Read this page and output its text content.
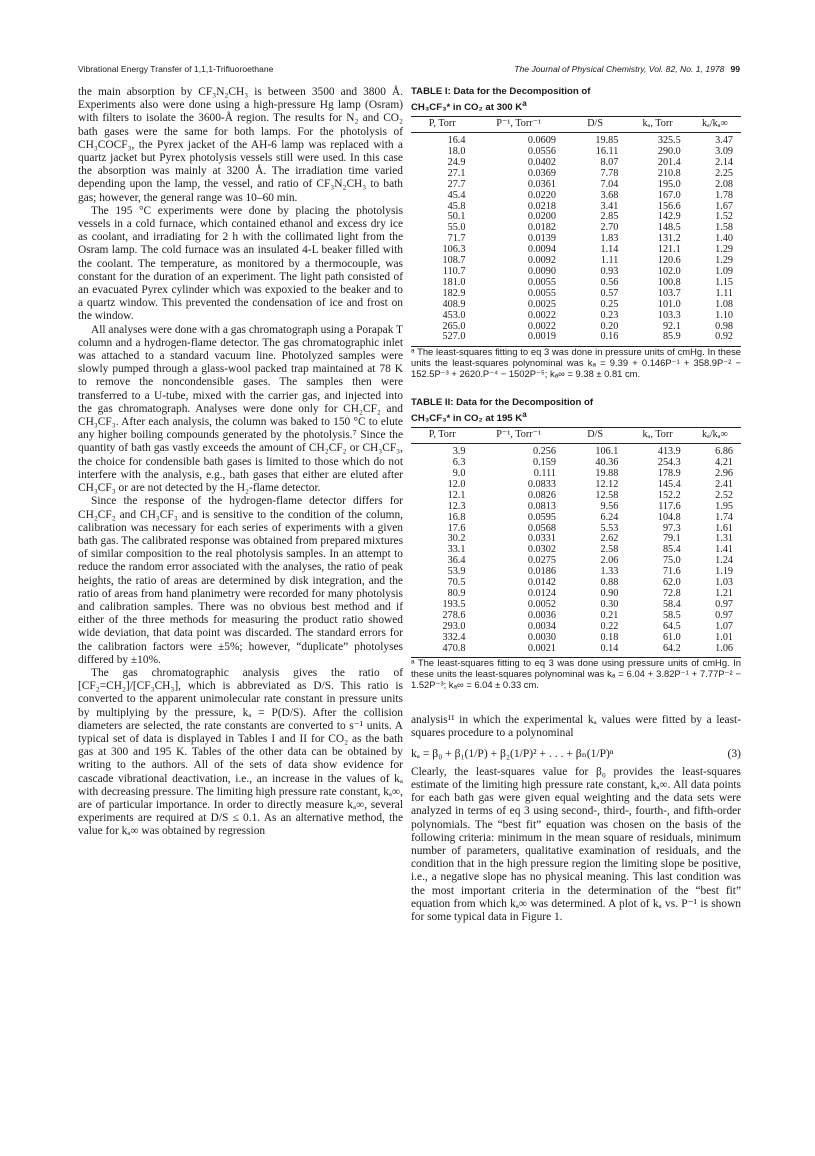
Vibrational Energy Transfer of 1,1,1-Trifluoroethane	The Journal of Physical Chemistry, Vol. 82, No. 1, 1978 99

the main absorption by CF₃N₂CH₃ is between 3500 and 3800 Å. Experiments also were done using a high-pressure Hg lamp (Osram) with filters to isolate the 3600-Å region. The results for N₂ and CO₂ bath gases were the same for both lamps. For the photolysis of CH₃COCF₃, the Pyrex jacket of the AH-6 lamp was replaced with a quartz jacket but Pyrex photolysis vessels still were used. In this case the absorption was mainly at 3200 Å. The irradiation time varied depending upon the lamp, the vessel, and ratio of CF₃N₂CH₃ to bath gas; however, the general range was 10–60 min.

The 195 °C experiments were done by placing the photolysis vessels in a cold furnace, which contained ethanol and excess dry ice as coolant, and irradiating for 2 h with the collimated light from the Osram lamp. The cold furnace was an insulated 4-L beaker filled with the coolant. The temperature, as monitored by a thermocouple, was constant for the duration of an experiment. The light path consisted of an evacuated Pyrex cylinder which was expoxied to the beaker and to a quartz window. This prevented the condensation of ice and frost on the window.

All analyses were done with a gas chromatograph using a Porapak T column and a hydrogen-flame detector. The gas chromatographic inlet was attached to a standard vacuum line. Photolyzed samples were slowly pumped through a glass-wool packed trap maintained at 78 K to remove the noncondensible gases. The samples then were transferred to a U-tube, mixed with the carrier gas, and injected into the gas chromatograph. Analyses were done only for CH₂CF₂ and CH₃CF₃. After each analysis, the column was baked to 150 °C to elute any higher boiling compounds generated by the photolysis.⁷ Since the quantity of bath gas vastly exceeds the amount of CH₂CF₂ or CH₃CF₃, the choice for condensible bath gases is limited to those which do not interfere with the analysis, e.g., bath gases that either are eluted after CH₃CF₃ or are not detected by the H₂-flame detector.

Since the response of the hydrogen-flame detector differs for CH₂CF₂ and CH₃CF₃ and is sensitive to the condition of the column, calibration was necessary for each series of experiments with a given bath gas. The calibrated response was obtained from prepared mixtures of similar composition to the real photolysis samples. In an attempt to reduce the random error associated with the analyses, the ratio of peak heights, the ratio of areas are determined by disk integration, and the ratio of areas from hand planimetry were recorded for many photolysis and calibration samples. There was no obvious best method and if either of the three methods for measuring the product ratio showed wide deviation, that data point was discarded. The standard errors for the calibration factors were ±5%; however, “duplicate” photolyses differed by ±10%.

The gas chromatographic analysis gives the ratio of [CF₂=CH₂]/[CF₃CH₃], which is abbreviated as D/S. This ratio is converted to the apparent unimolecular rate constant in pressure units by multiplying by the pressure, kₐ = P(D/S). After the collision diameters are selected, the rate constants are converted to s⁻¹ units. A typical set of data is displayed in Tables I and II for CO₂ as the bath gas at 300 and 195 K. Tables of the other data can be obtained by writing to the authors. All of the sets of data show evidence for cascade vibrational deactivation, i.e., an increase in the values of kₐ with decreasing pressure. The limiting high pressure rate constant, kₐ∞, are of particular importance. In order to directly measure kₐ∞, several experiments are required at D/S ≤ 0.1. As an alternative method, the value for kₐ∞ was obtained by regression

TABLE I: Data for the Decomposition of
CH₃CF₃* in CO₂ at 300 $K^a$
P, Torr	P⁻¹, Torr⁻¹	D/S	kₐ, Torr	kₐ/kₐ∞
16.4	0.0609	19.85	325.5	3.47
18.0	0.0556	16.11	290.0	3.09
24.9	0.0402	8.07	201.4	2.14
27.1	0.0369	7.78	210.8	2.25
27.7	0.0361	7.04	195.0	2.08
45.4	0.0220	3.68	167.0	1.78
45.8	0.0218	3.41	156.6	1.67
50.1	0.0200	2.85	142.9	1.52
55.0	0.0182	2.70	148.5	1.58
71.7	0.0139	1.83	131.2	1.40
106.3	0.0094	1.14	121.1	1.29
108.7	0.0092	1.11	120.6	1.29
110.7	0.0090	0.93	102.0	1.09
181.0	0.0055	0.56	100.8	1.15
182.9	0.0055	0.57	103.7	1.11
408.9	0.0025	0.25	101.0	1.08
453.0	0.0022	0.23	103.3	1.10
265.0	0.0022	0.20	92.1	0.98
527.0	0.0019	0.16	85.9	0.92

ᵃ The least-squares fitting to eq 3 was done in pressure units of cmHg. In these units the least-squares polynominal was kₐ = 9.39 + 0.146P⁻¹ + 358.9P⁻² − 152.5P⁻³ + 2620.P⁻⁴ − 1502P⁻⁵; kₐ∞ = 9.38 ± 0.81 cm.

TABLE II: Data for the Decomposition of
CH₃CF₃* in CO₂ at 195 $K^a$
P, Torr	P⁻¹, Torr⁻¹	D/S	kₐ, Torr	kₐ/kₐ∞
3.9	0.256	106.1	413.9	6.86
6.3	0.159	40.36	254.3	4.21
9.0	0.111	19.88	178.9	2.96
12.0	0.0833	12.12	145.4	2.41
12.1	0.0826	12.58	152.2	2.52
12.3	0.0813	9.56	117.6	1.95
16.8	0.0595	6.24	104.8	1.74
17.6	0.0568	5.53	97.3	1.61
30.2	0.0331	2.62	79.1	1.31
33.1	0.0302	2.58	85.4	1.41
36.4	0.0275	2.06	75.0	1.24
53.9	0.0186	1.33	71.6	1.19
70.5	0.0142	0.88	62.0	1.03
80.9	0.0124	0.90	72.8	1.21
193.5	0.0052	0.30	58.4	0.97
278.6	0.0036	0.21	58.5	0.97
293.0	0.0034	0.22	64.5	1.07
332.4	0.0030	0.18	61.0	1.01
470.8	0.0021	0.14	64.2	1.06

ᵃ The least-squares fitting to eq 3 was done using pressure units of cmHg. In these units the least-squares polynominal was kₐ = 6.04 + 3.82P⁻¹ + 7.77P⁻² − 1.52P⁻³; kₐ∞ = 6.04 ± 0.33 cm.

analysis¹¹ in which the experimental kₐ values were fitted by a least-squares procedure to a polynominal

kₐ = β₀ + β₁(1/P) + β₂(1/P)² + . . . + βₙ(1/P)ⁿ	(3)

Clearly, the least-squares value for β₀ provides the least-squares estimate of the limiting high pressure rate constant, kₐ∞. All data points for each bath gas were given equal weighting and the data sets were analyzed in terms of eq 3 using second-, third-, fourth-, and fifth-order polynomials. The “best fit” equation was chosen on the basis of the following criteria: minimum in the mean square of residuals, minimum number of parameters, qualitative examination of residuals, and the condition that in the high pressure region the limiting slope be positive, i.e., a negative slope has no physical meaning. This last condition was the most important criteria in the determination of the “best fit” equation from which kₐ∞ was determined. A plot of kₐ vs. P⁻¹ is shown for some typical data in Figure 1.
